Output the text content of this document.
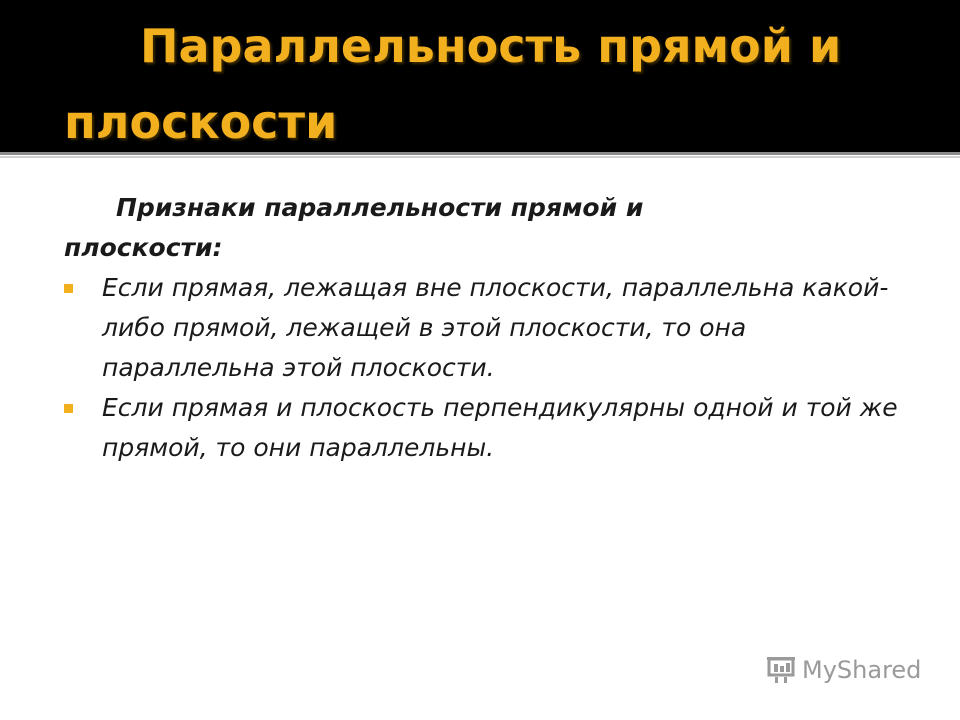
Параллельность прямой и
плоскости

Признаки параллельности прямой и плоскости:

Если прямая, лежащая вне плоскости, параллельна какой-либо прямой, лежащей в этой плоскости, то она параллельна этой плоскости.
Если прямая и плоскость перпендикулярны одной и той же прямой, то они параллельны.
MyShared
